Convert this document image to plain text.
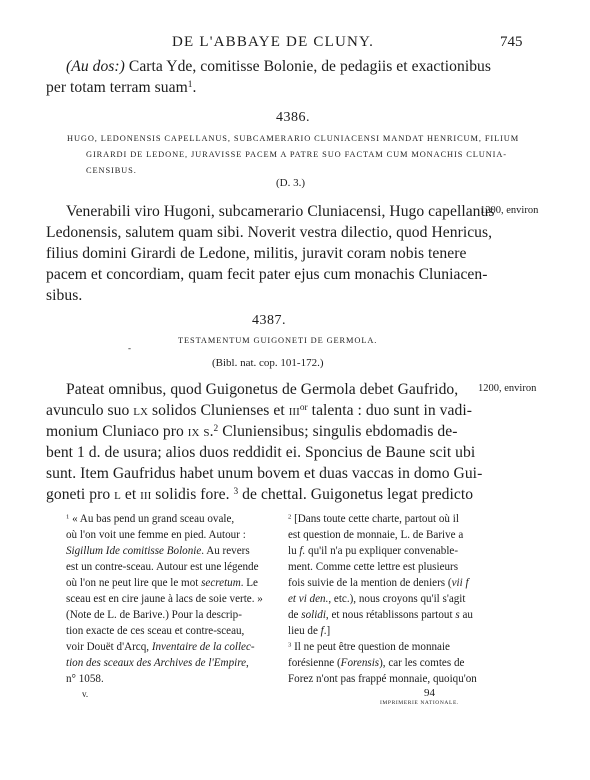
DE L'ABBAYE DE CLUNY.	745
(Au dos:) Carta Yde, comitisse Bolonie, de pedagiis et exactionibus
per totam terram suam$^1$.
4386.
HUGO, LEDONENSIS CAPELLANUS, SUBCAMERARIO CLUNIACENSI MANDAT HENRICUM, FILIUM
GIRARDI DE LEDONE, JURAVISSE PACEM A PATRE SUO FACTAM CUM MONACHIS CLUNIA-
CENSIBUS.
(D. 3.)
1200, environ
Venerabili viro Hugoni, subcamerario Cluniacensi, Hugo capellanus
Ledonensis, salutem quam sibi. Noverit vestra dilectio, quod Henricus,
filius domini Girardi de Ledone, militis, juravit coram nobis tenere
pacem et concordiam, quam fecit pater ejus cum monachis Cluniacen-
sibus.
4387.
TESTAMENTUM GUIGONETI DE GERMOLA.
-
(Bibl. nat. cop. 101-172.)
1200, environ
Pateat omnibus, quod Guigonetus de Germola debet Gaufrido,
avunculo suo lx solidos Clunienses et iii$^{or}$ talenta : duo sunt in vadi-
monium Cluniaco pro ix s.$^2$ Cluniensibus; singulis ebdomadis de-
bent 1 d. de usura; alios duos reddidit ei. Sponcius de Baune scit ubi
sunt. Item Gaufridus habet unum bovem et duas vaccas in domo Gui-
goneti pro l et iii solidis fore. $^3$ de chettal. Guigonetus legat predicto
$^1$ « Au bas pend un grand sceau ovale,
où l'on voit une femme en pied. Autour :
Sigillum Ide comitisse Bolonie. Au revers
est un contre-sceau. Autour est une légende
où l'on ne peut lire que le mot secretum. Le
sceau est en cire jaune à lacs de soie verte. »
(Note de L. de Barive.) Pour la descrip-
tion exacte de ces sceau et contre-sceau,
voir Douët d'Arcq, Inventaire de la collec-
tion des sceaux des Archives de l'Empire,
n° 1058.
$^2$ [Dans toute cette charte, partout où il
est question de monnaie, L. de Barive a
lu f. qu'il n'a pu expliquer convenable-
ment. Comme cette lettre est plusieurs
fois suivie de la mention de deniers (vii f
et vi den., etc.), nous croyons qu'il s'agit
de solidi, et nous rétablissons partout s au
lieu de f.]
$^3$ Il ne peut être question de monnaie
forésienne (Forensis), car les comtes de
Forez n'ont pas frappé monnaie, quoiqu'on
v.	94
IMPRIMERIE NATIONALE.
